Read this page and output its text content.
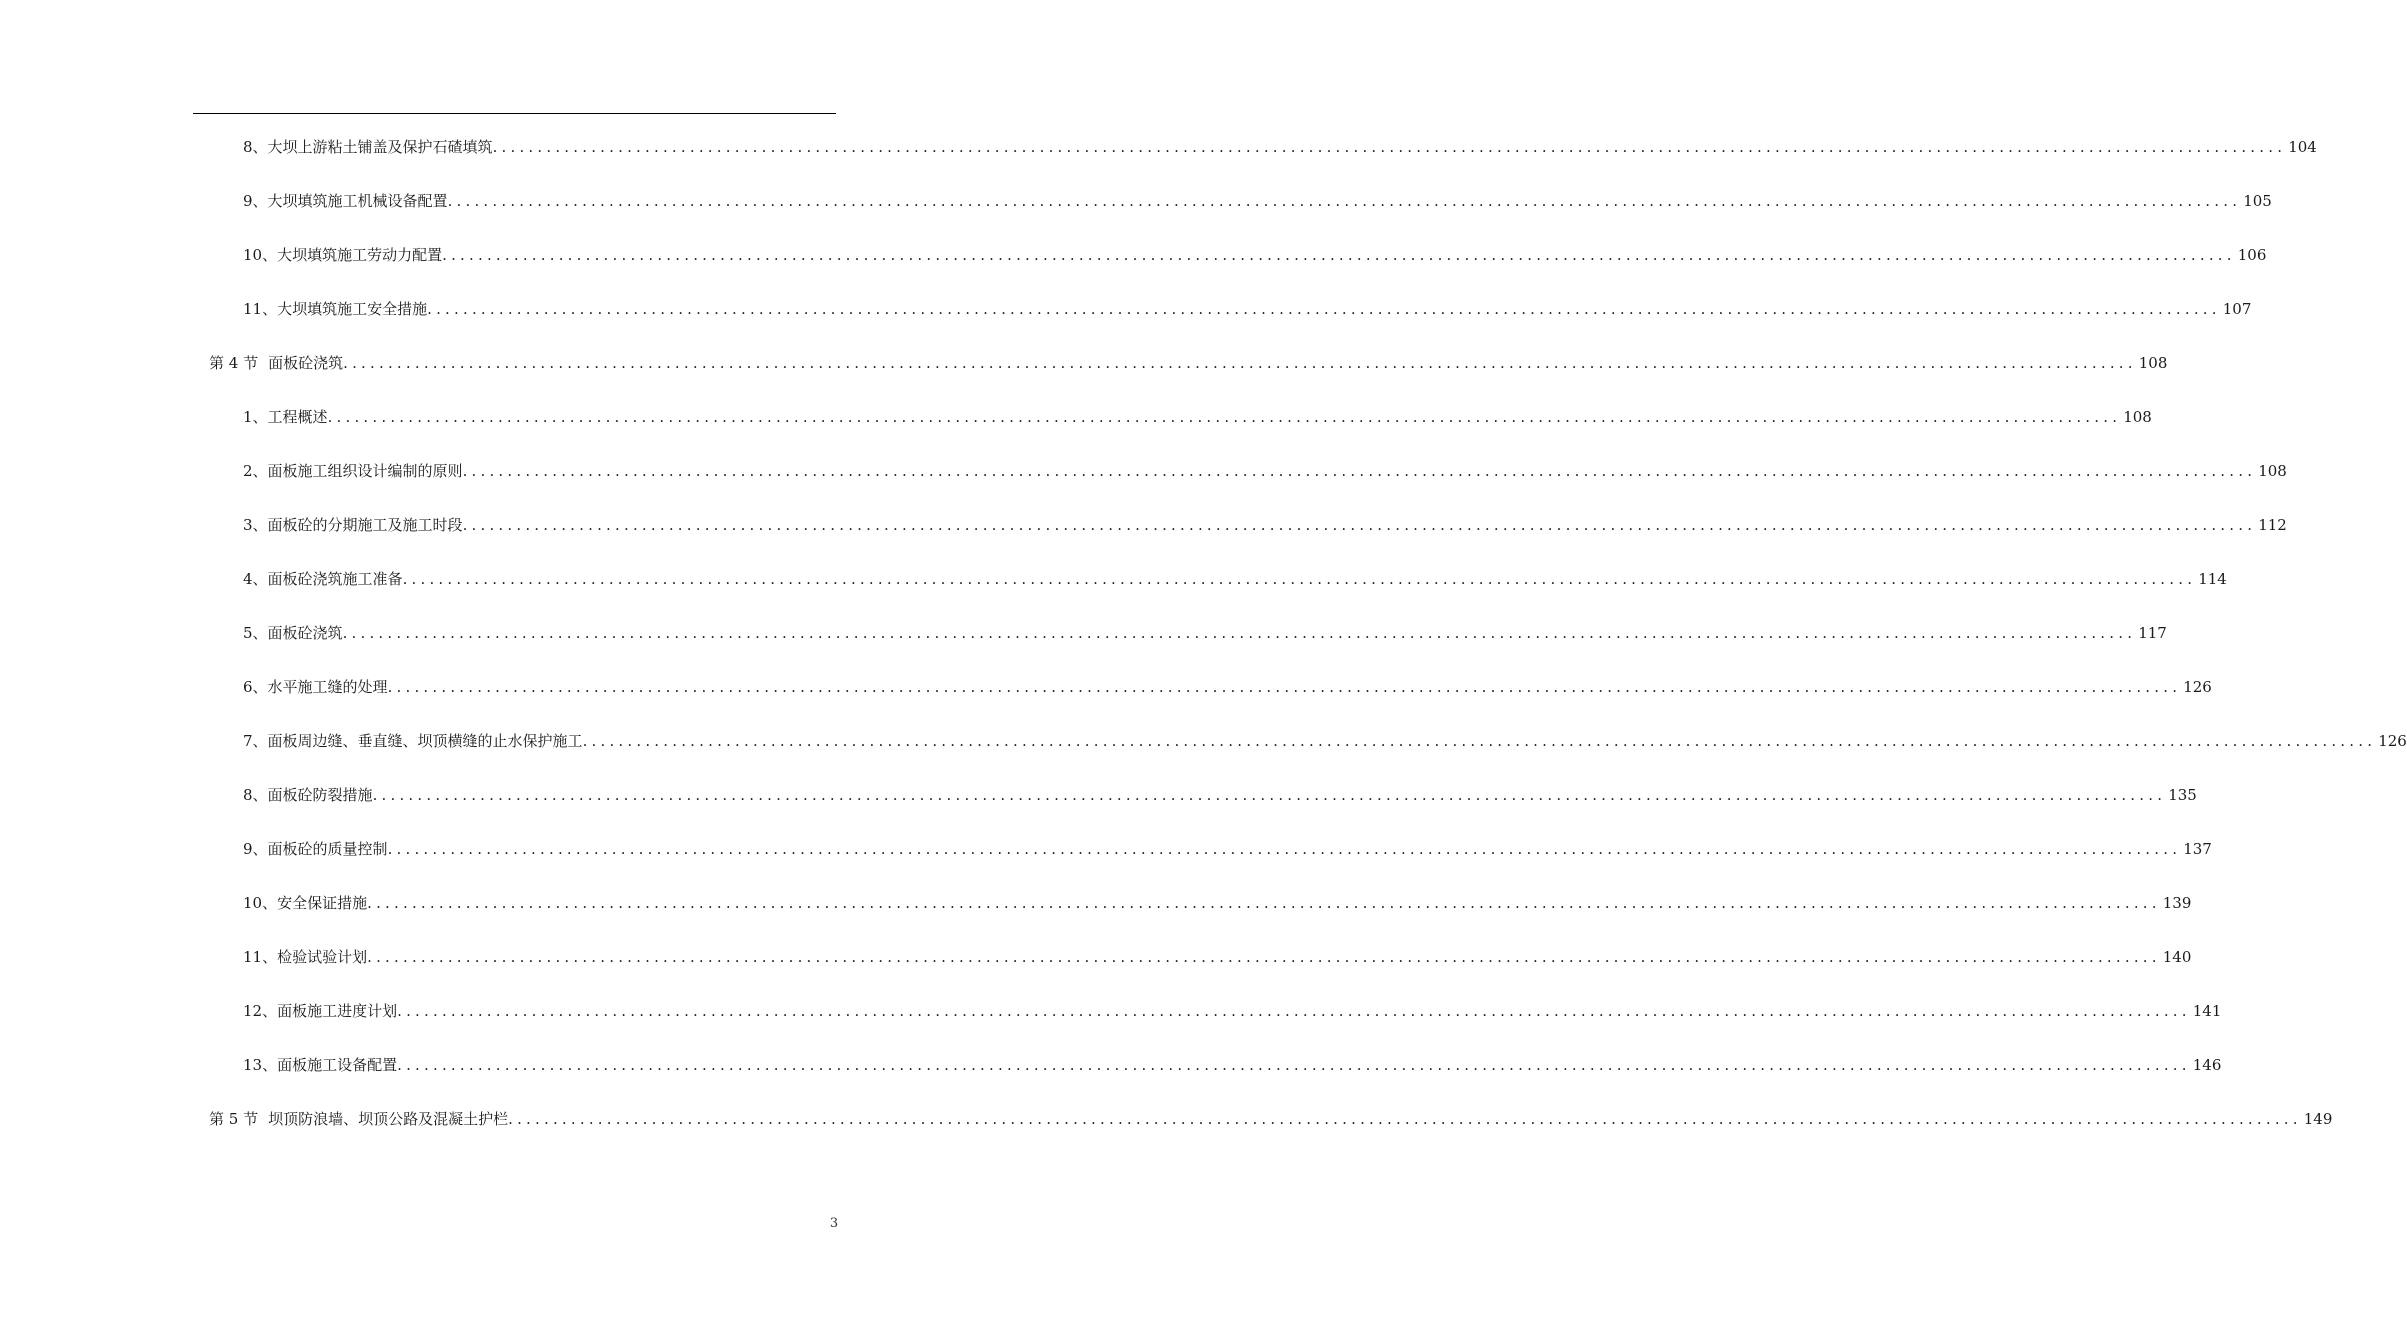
8、 大坝上游粘土铺盖及保护石碴填筑 ........................................................................................................................................................................................................ 104
9、 大坝填筑施工机械设备配置 ........................................................................................................................................................................................................ 105
10、 大坝填筑施工劳动力配置 ........................................................................................................................................................................................................ 106
11、 大坝填筑施工安全措施 ........................................................................................................................................................................................................ 107
第 4 节 面板砼浇筑 ........................................................................................................................................................................................................ 108
1、 工程概述 ........................................................................................................................................................................................................ 108
2、 面板施工组织设计编制的原则 ........................................................................................................................................................................................................ 108
3、 面板砼的分期施工及施工时段 ........................................................................................................................................................................................................ 112
4、 面板砼浇筑施工准备 ........................................................................................................................................................................................................ 114
5、 面板砼浇筑 ........................................................................................................................................................................................................ 117
6、 水平施工缝的处理 ........................................................................................................................................................................................................ 126
7、 面板周边缝、垂直缝、坝顶横缝的止水保护施工 ........................................................................................................................................................................................................ 126
8、 面板砼防裂措施 ........................................................................................................................................................................................................ 135
9、 面板砼的质量控制 ........................................................................................................................................................................................................ 137
10、 安全保证措施 ........................................................................................................................................................................................................ 139
11、 检验试验计划 ........................................................................................................................................................................................................ 140
12、 面板施工进度计划 ........................................................................................................................................................................................................ 141
13、 面板施工设备配置 ........................................................................................................................................................................................................ 146
第 5 节 坝顶防浪墙、坝顶公路及混凝土护栏 ........................................................................................................................................................................................................ 149
3
